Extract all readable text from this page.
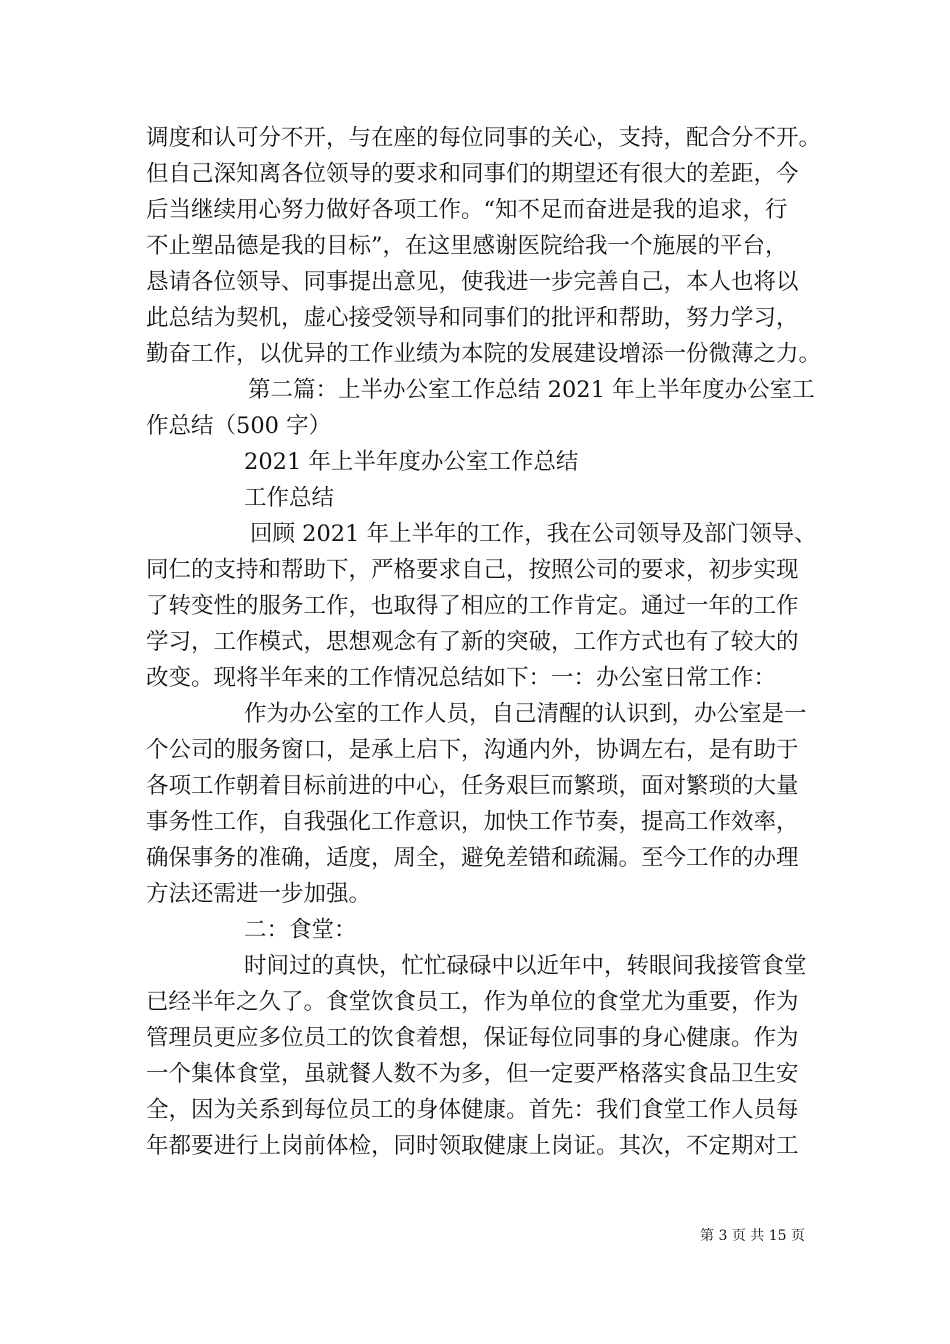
调度和认可分不开，与在座的每位同事的关心，支持，配合分不开。
但自己深知离各位领导的要求和同事们的期望还有很大的差距，今
后当继续用心努力做好各项工作。“知不足而奋进是我的追求，行
不止塑品德是我的目标”，在这里感谢医院给我一个施展的平台，
恳请各位领导、同事提出意见，使我进一步完善自己，本人也将以
此总结为契机，虚心接受领导和同事们的批评和帮助，努力学习，
勤奋工作，以优异的工作业绩为本院的发展建设增添一份微薄之力。
第二篇：上半办公室工作总结 2021 年上半年度办公室工
作总结（500 字）
2021 年上半年度办公室工作总结
工作总结
回顾 2021 年上半年的工作，我在公司领导及部门领导、
同仁的支持和帮助下，严格要求自己，按照公司的要求，初步实现
了转变性的服务工作，也取得了相应的工作肯定。通过一年的工作
学习，工作模式，思想观念有了新的突破，工作方式也有了较大的
改变。现将半年来的工作情况总结如下：一：办公室日常工作：
作为办公室的工作人员，自己清醒的认识到，办公室是一
个公司的服务窗口，是承上启下，沟通内外，协调左右，是有助于
各项工作朝着目标前进的中心，任务艰巨而繁琐，面对繁琐的大量
事务性工作，自我强化工作意识，加快工作节奏，提高工作效率，
确保事务的准确，适度，周全，避免差错和疏漏。至今工作的办理
方法还需进一步加强。
二：食堂：
时间过的真快，忙忙碌碌中以近年中，转眼间我接管食堂
已经半年之久了。食堂饮食员工，作为单位的食堂尤为重要，作为
管理员更应多位员工的饮食着想，保证每位同事的身心健康。作为
一个集体食堂，虽就餐人数不为多，但一定要严格落实食品卫生安
全，因为关系到每位员工的身体健康。首先：我们食堂工作人员每
年都要进行上岗前体检，同时领取健康上岗证。其次，不定期对工
第 3 页 共 15 页
